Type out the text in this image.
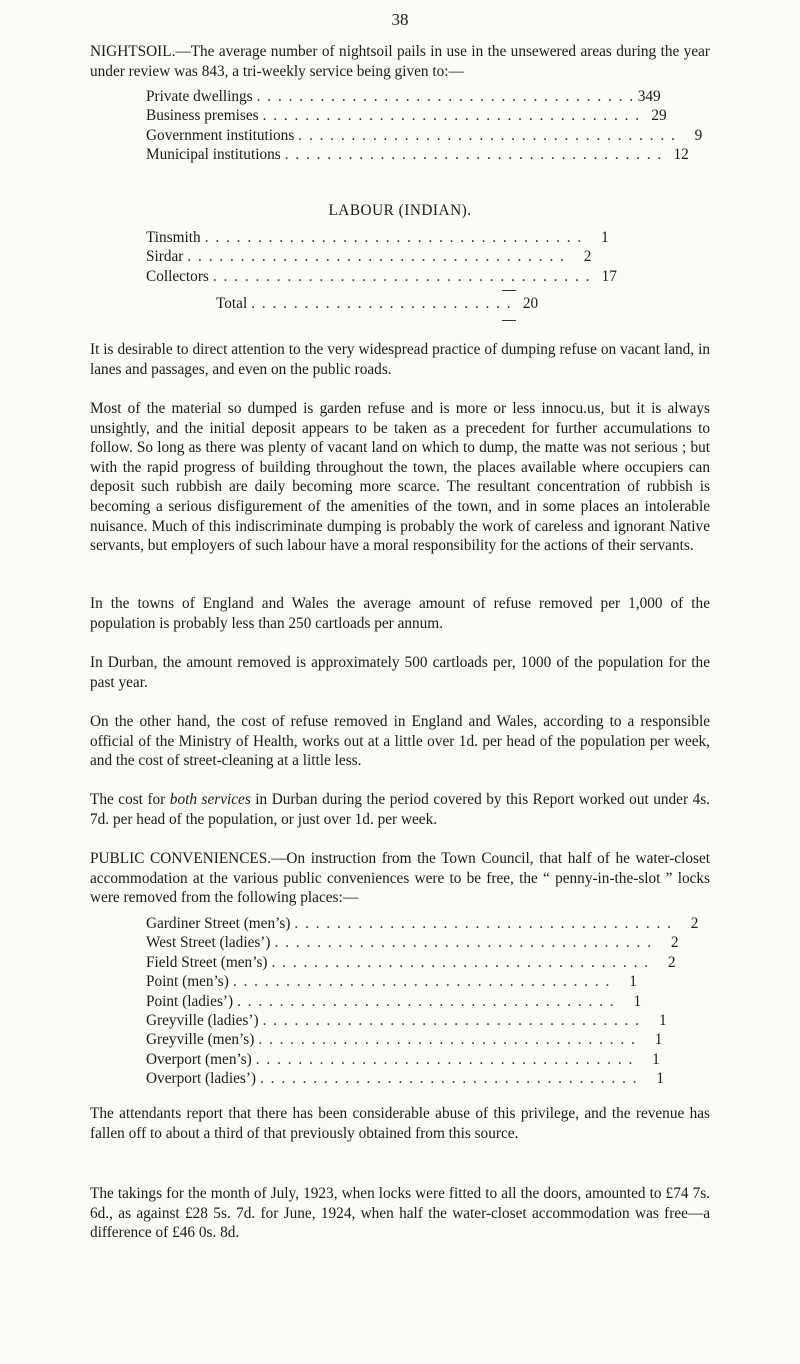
38

NIGHTSOIL.—The average number of nightsoil pails in use in the unsewered areas during the year under review was 843, a tri-weekly service being given to:—

Private dwellings . . . . . . . . . . . . . . . . . . . . . . . . . . . . . . . . . . . . 349
Business premises . . . . . . . . . . . . . . . . . . . . . . . . . . . . . . . . . . . . 29
Government institutions . . . . . . . . . . . . . . . . . . . . . . . . . . . . . . . . . . . .	9
Municipal institutions . . . . . . . . . . . . . . . . . . . . . . . . . . . . . . . . . . . . 12
LABOUR (INDIAN).
Tinsmith . . . . . . . . . . . . . . . . . . . . . . . . . . . . . . . . . . . .	1
Sirdar . . . . . . . . . . . . . . . . . . . . . . . . . . . . . . . . . . . .	2
Collectors . . . . . . . . . . . . . . . . . . . . . . . . . . . . . . . . . . . . 17
Total . . . . . . . . . . . . . . . . . . . . . . . . . 20

It is desirable to direct attention to the very widespread practice of dumping refuse on vacant land, in lanes and passages, and even on the public roads.

Most of the material so dumped is garden refuse and is more or less innocu.us, but it is always unsightly, and the initial deposit appears to be taken as a precedent for further accumulations to follow. So long as there was plenty of vacant land on which to dump, the matte was not serious ; but with the rapid progress of building throughout the town, the places available where occupiers can deposit such rubbish are daily becoming more scarce. The resultant concentration of rubbish is becoming a serious disfigurement of the amenities of the town, and in some places an intolerable nuisance. Much of this indiscriminate dumping is probably the work of careless and ignorant Native servants, but employers of such labour have a moral responsibility for the actions of their servants.

In the towns of England and Wales the average amount of refuse removed per 1,000 of the population is probably less than 250 cartloads per annum.

In Durban, the amount removed is approximately 500 cartloads per, 1000 of the population for the past year.

On the other hand, the cost of refuse removed in England and Wales, according to a responsible official of the Ministry of Health, works out at a little over 1d. per head of the population per week, and the cost of street-cleaning at a little less.

The cost for both services in Durban during the period covered by this Report worked out under 4s. 7d. per head of the population, or just over 1d. per week.

PUBLIC CONVENIENCES.—On instruction from the Town Council, that half of he water-closet accommodation at the various public conveniences were to be free, the “ penny-in-the-slot ” locks were removed from the following places:—

Gardiner Street (men’s) . . . . . . . . . . . . . . . . . . . . . . . . . . . . . . . . . . . .	2
West Street (ladies’) . . . . . . . . . . . . . . . . . . . . . . . . . . . . . . . . . . . .	2
Field Street (men’s) . . . . . . . . . . . . . . . . . . . . . . . . . . . . . . . . . . . .	2
Point (men’s) . . . . . . . . . . . . . . . . . . . . . . . . . . . . . . . . . . . .	1
Point (ladies’) . . . . . . . . . . . . . . . . . . . . . . . . . . . . . . . . . . . .	1
Greyville (ladies’) . . . . . . . . . . . . . . . . . . . . . . . . . . . . . . . . . . . .	1
Greyville (men’s) . . . . . . . . . . . . . . . . . . . . . . . . . . . . . . . . . . . .	1
Overport (men’s) . . . . . . . . . . . . . . . . . . . . . . . . . . . . . . . . . . . .	1
Overport (ladies’) . . . . . . . . . . . . . . . . . . . . . . . . . . . . . . . . . . . .	1

The attendants report that there has been considerable abuse of this privilege, and the revenue has fallen off to about a third of that previously obtained from this source.

The takings for the month of July, 1923, when locks were fitted to all the doors, amounted to £74 7s. 6d., as against £28 5s. 7d. for June, 1924, when half the water-closet accommodation was free—a difference of £46 0s. 8d.
